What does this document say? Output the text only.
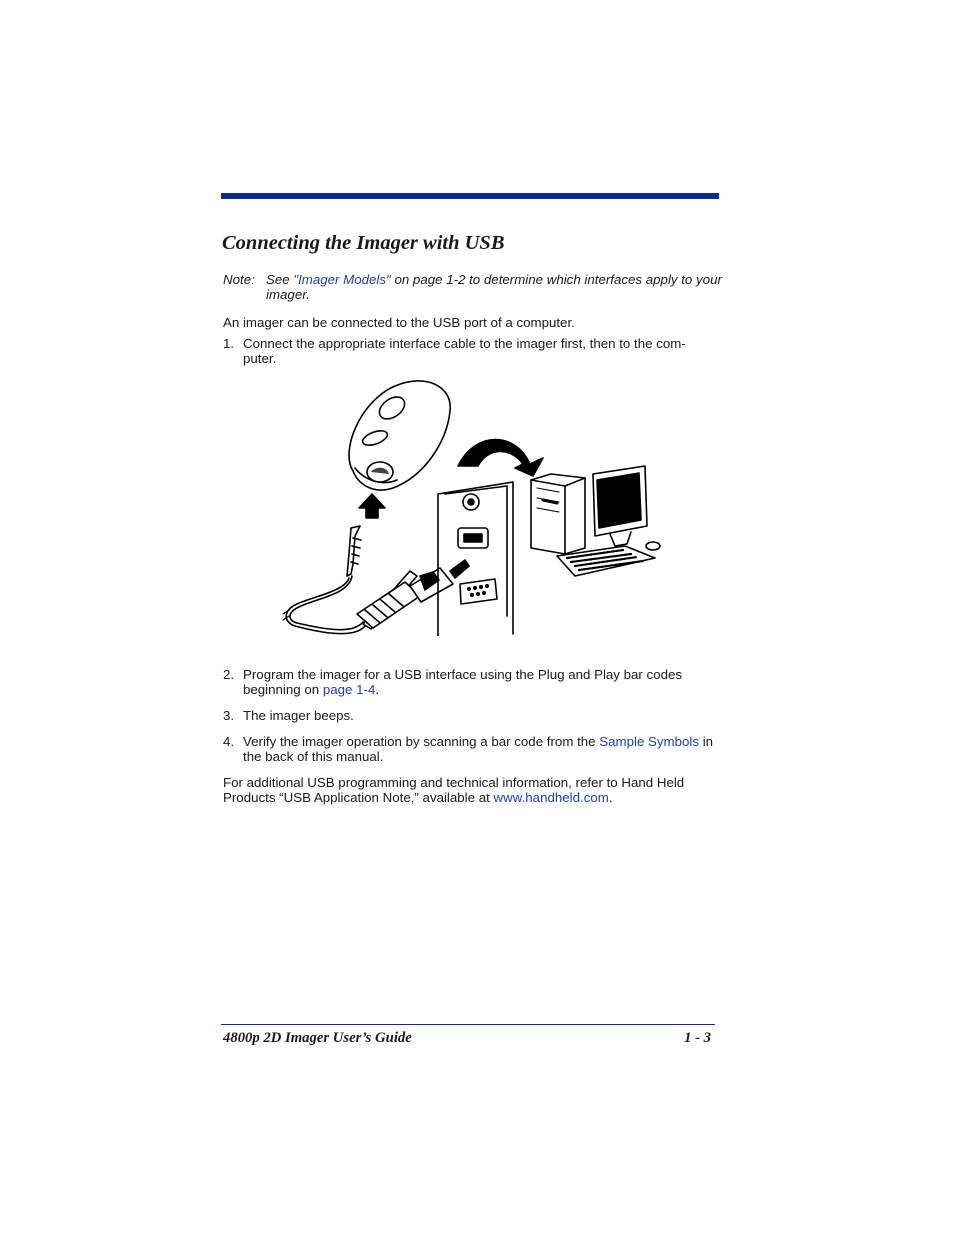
Connecting the Imager with USB
Note: See "Imager Models" on page 1-2 to determine which interfaces apply to your imager.

An imager can be connected to the USB port of a computer.

1. Connect the appropriate interface cable to the imager first, then to the com- puter.
2. Program the imager for a USB interface using the Plug and Play bar codes beginning on page 1-4.
3. The imager beeps.
4. Verify the imager operation by scanning a bar code from the Sample Symbols in the back of this manual.

For additional USB programming and technical information, refer to Hand Held Products “USB Application Note,” available at www.handheld.com.

4800p 2D Imager User’s Guide	1 - 3
